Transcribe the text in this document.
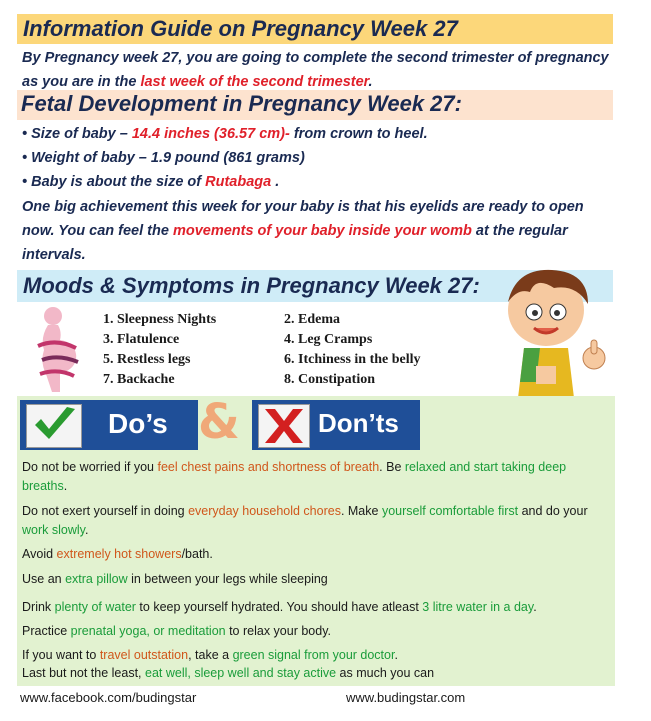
Information Guide on Pregnancy Week 27
By Pregnancy week 27, you are going to complete the second trimester of pregnancy as you are in the last week of the second trimester.
Fetal Development in Pregnancy Week 27:
• Size of baby – 14.4 inches (36.57 cm)- from crown to heel.
• Weight of baby – 1.9 pound (861 grams)
• Baby is about the size of Rutabaga .
One big achievement this week for your baby is that his eyelids are ready to open now. You can feel the movements of your baby inside your womb at the regular intervals.
Moods & Symptoms in Pregnancy Week 27:
1. Sleepness Nights	2. Edema
3. Flatulence	4. Leg Cramps
5. Restless legs	6. Itchiness in the belly
7. Backache	8. Constipation
Do’s &	Don’ts
Do not be worried if you feel chest pains and shortness of breath. Be relaxed and start taking deep breaths.
Do not exert yourself in doing everyday household chores. Make yourself comfortable first and do your work slowly.
Avoid extremely hot showers/bath.
Use an extra pillow in between your legs while sleeping
Drink plenty of water to keep yourself hydrated. You should have atleast 3 litre water in a day.
Practice prenatal yoga, or meditation to relax your body.
If you want to travel outstation, take a green signal from your doctor.
Last but not the least, eat well, sleep well and stay active as much you can
www.facebook.com/budingstar	www.budingstar.com
